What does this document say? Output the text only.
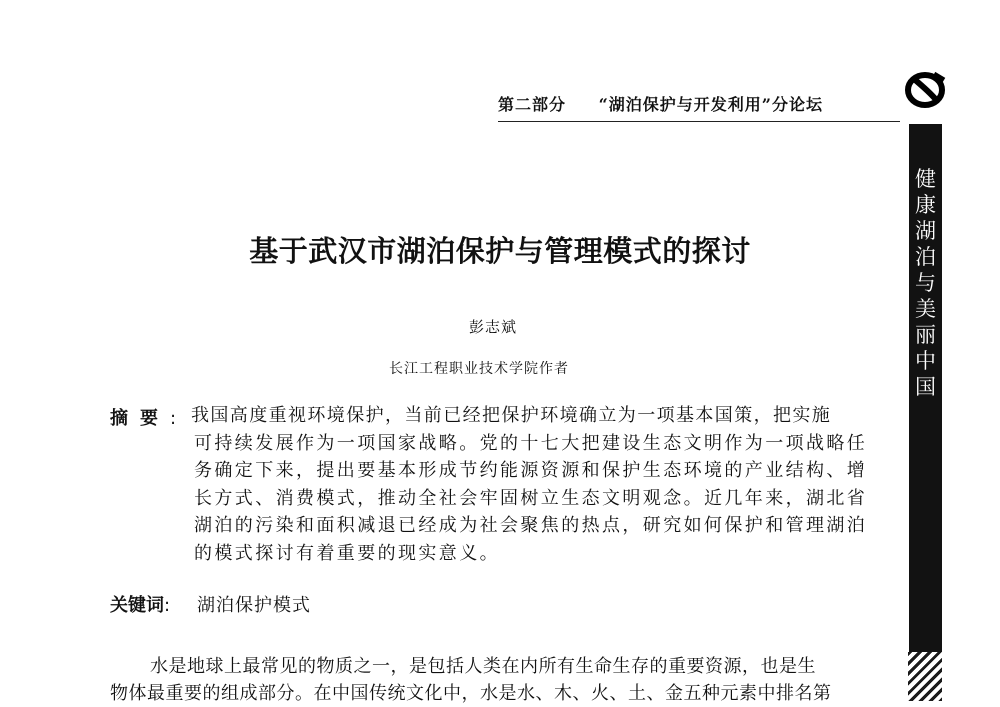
第二部分 “湖泊保护与开发利用”分论坛
健
康
湖
泊
与
美
丽
中
国
基于武汉市湖泊保护与管理模式的探讨
彭志斌
长江工程职业技术学院作者
摘要: 我国高度重视环境保护，当前已经把保护环境确立为一项基本国策，把实施
可持续发展作为一项国家战略。党的十七大把建设生态文明作为一项战略任
务确定下来，提出要基本形成节约能源资源和保护生态环境的产业结构、增
长方式、消费模式，推动全社会牢固树立生态文明观念。近几年来，湖北省
湖泊的污染和面积减退已经成为社会聚焦的热点，研究如何保护和管理湖泊
的模式探讨有着重要的现实意义。
关键词: 湖泊保护模式
水是地球上最常见的物质之一，是包括人类在内所有生命生存的重要资源，也是生
物体最重要的组成部分。在中国传统文化中，水是水、木、火、土、金五种元素中排名第
